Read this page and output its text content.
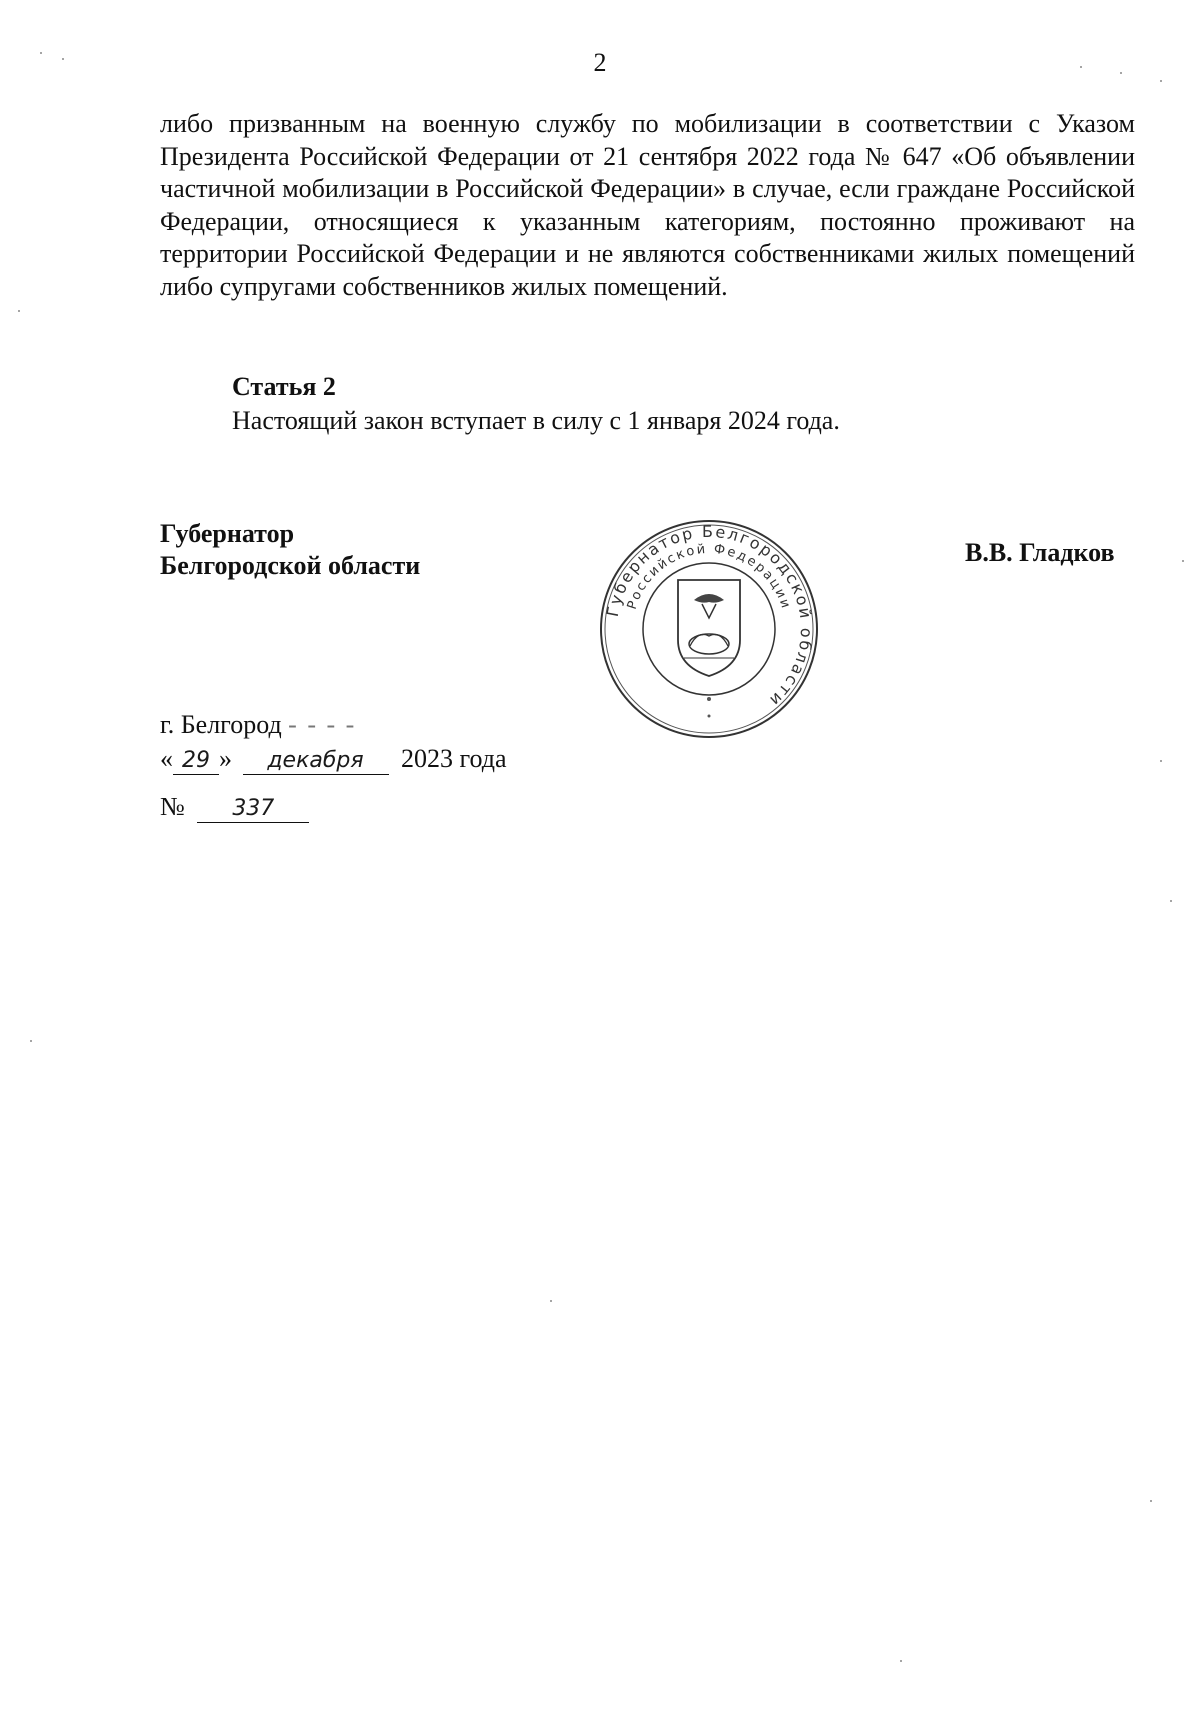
2
либо призванным на военную службу по мобилизации в соответствии с Указом Президента Российской Федерации от 21 сентября 2022 года № 647 «Об объявлении частичной мобилизации в Российской Федерации» в случае, если граждане Российской Федерации, относящиеся к указанным категориям, постоянно проживают на территории Российской Федерации и не являются собственниками жилых помещений либо супругами собственников жилых помещений.
Статья 2
Настоящий закон вступает в силу с 1 января 2024 года.
Губернатор
Белгородской области	В.В. Гладков
Губернатор Белгородской области
Российской Федерации
г. Белгород - - - -
« 29 » декабря 2023 года
№ 337
